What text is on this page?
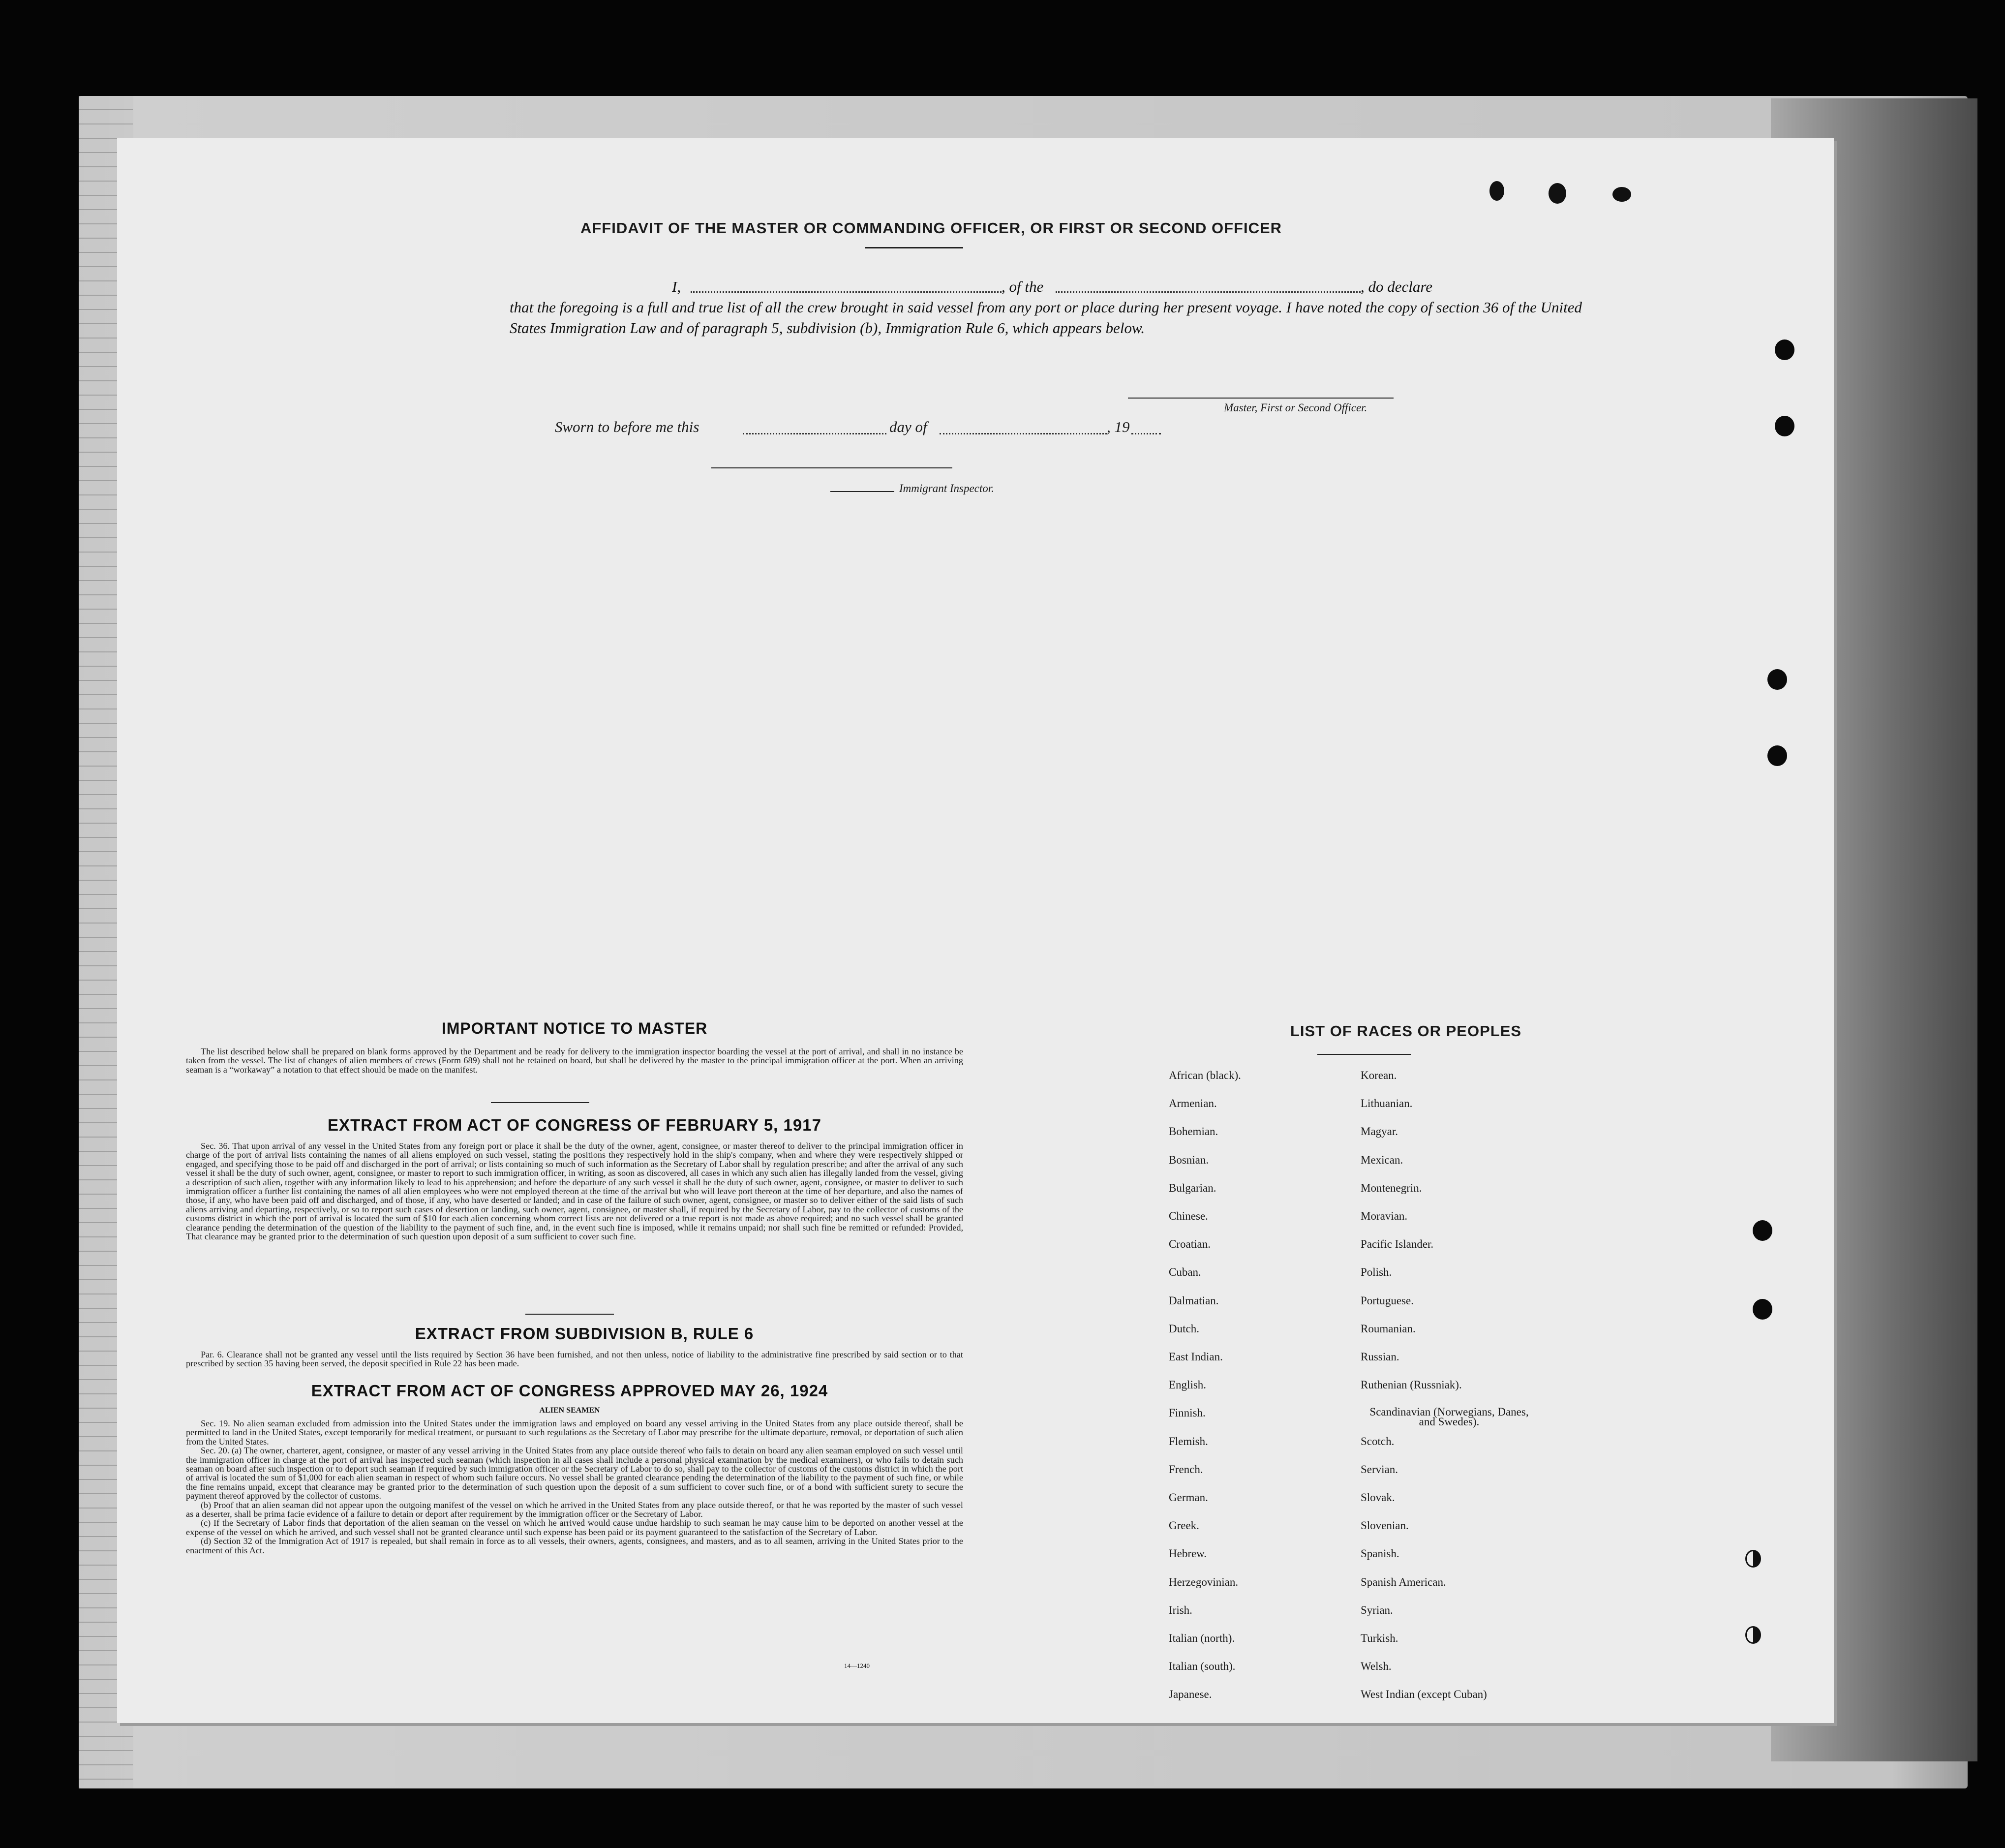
AFFIDAVIT OF THE MASTER OR COMMANDING OFFICER, OR FIRST OR SECOND OFFICER
I,	, of the	, do declare
that the foregoing is a full and true list of all the crew brought in said vessel from any port or place during her present voyage. I have noted the copy of section 36 of the United States Immigration Law and of paragraph 5, subdivision (b), Immigration Rule 6, which appears below.
Master, First or Second Officer.
Sworn to before me this	day of	, 19
Immigrant Inspector.
IMPORTANT NOTICE TO MASTER

The list described below shall be prepared on blank forms approved by the Department and be ready for delivery to the immigration inspector boarding the vessel at the port of arrival, and shall in no instance be taken from the vessel. The list of changes of alien members of crews (Form 689) shall not be retained on board, but shall be delivered by the master to the principal immigration officer at the port. When an arriving seaman is a “workaway” a notation to that effect should be made on the manifest.

EXTRACT FROM ACT OF CONGRESS OF FEBRUARY 5, 1917

Sec. 36. That upon arrival of any vessel in the United States from any foreign port or place it shall be the duty of the owner, agent, consignee, or master thereof to deliver to the principal immigration officer in charge of the port of arrival lists containing the names of all aliens employed on such vessel, stating the positions they respectively hold in the ship's company, when and where they were respectively shipped or engaged, and specifying those to be paid off and discharged in the port of arrival; or lists containing so much of such information as the Secretary of Labor shall by regulation prescribe; and after the arrival of any such vessel it shall be the duty of such owner, agent, consignee, or master to report to such immigration officer, in writing, as soon as discovered, all cases in which any such alien has illegally landed from the vessel, giving a description of such alien, together with any information likely to lead to his apprehension; and before the departure of any such vessel it shall be the duty of such owner, agent, consignee, or master to deliver to such immigration officer a further list containing the names of all alien employees who were not employed thereon at the time of the arrival but who will leave port thereon at the time of her departure, and also the names of those, if any, who have been paid off and discharged, and of those, if any, who have deserted or landed; and in case of the failure of such owner, agent, consignee, or master so to deliver either of the said lists of such aliens arriving and departing, respectively, or so to report such cases of desertion or landing, such owner, agent, consignee, or master shall, if required by the Secretary of Labor, pay to the collector of customs of the customs district in which the port of arrival is located the sum of $10 for each alien concerning whom correct lists are not delivered or a true report is not made as above required; and no such vessel shall be granted clearance pending the determination of the question of the liability to the payment of such fine, and, in the event such fine is imposed, while it remains unpaid; nor shall such fine be remitted or refunded: Provided, That clearance may be granted prior to the determination of such question upon deposit of a sum sufficient to cover such fine.

EXTRACT FROM SUBDIVISION B, RULE 6

Par. 6. Clearance shall not be granted any vessel until the lists required by Section 36 have been furnished, and not then unless, notice of liability to the administrative fine prescribed by said section or to that prescribed by section 35 having been served, the deposit specified in Rule 22 has been made.

EXTRACT FROM ACT OF CONGRESS APPROVED MAY 26, 1924
ALIEN SEAMEN

Sec. 19. No alien seaman excluded from admission into the United States under the immigration laws and employed on board any vessel arriving in the United States from any place outside thereof, shall be permitted to land in the United States, except temporarily for medical treatment, or pursuant to such regulations as the Secretary of Labor may prescribe for the ultimate departure, removal, or deportation of such alien from the United States.

Sec. 20. (a) The owner, charterer, agent, consignee, or master of any vessel arriving in the United States from any place outside thereof who fails to detain on board any alien seaman employed on such vessel until the immigration officer in charge at the port of arrival has inspected such seaman (which inspection in all cases shall include a personal physical examination by the medical examiners), or who fails to detain such seaman on board after such inspection or to deport such seaman if required by such immigration officer or the Secretary of Labor to do so, shall pay to the collector of customs of the customs district in which the port of arrival is located the sum of $1,000 for each alien seaman in respect of whom such failure occurs. No vessel shall be granted clearance pending the determination of the liability to the payment of such fine, or while the fine remains unpaid, except that clearance may be granted prior to the determination of such question upon the deposit of a sum sufficient to cover such fine, or of a bond with sufficient surety to secure the payment thereof approved by the collector of customs.

(b) Proof that an alien seaman did not appear upon the outgoing manifest of the vessel on which he arrived in the United States from any place outside thereof, or that he was reported by the master of such vessel as a deserter, shall be prima facie evidence of a failure to detain or deport after requirement by the immigration officer or the Secretary of Labor.

(c) If the Secretary of Labor finds that deportation of the alien seaman on the vessel on which he arrived would cause undue hardship to such seaman he may cause him to be deported on another vessel at the expense of the vessel on which he arrived, and such vessel shall not be granted clearance until such expense has been paid or its payment guaranteed to the satisfaction of the Secretary of Labor.

(d) Section 32 of the Immigration Act of 1917 is repealed, but shall remain in force as to all vessels, their owners, agents, consignees, and masters, and as to all seamen, arriving in the United States prior to the enactment of this Act.

14—1240
LIST OF RACES OR PEOPLES
African (black).
Armenian.
Bohemian.
Bosnian.
Bulgarian.
Chinese.
Croatian.
Cuban.
Dalmatian.
Dutch.
East Indian.
English.
Finnish.
Flemish.
French.
German.
Greek.
Hebrew.
Herzegovinian.
Irish.
Italian (north).
Italian (south).
Japanese.
Korean.
Lithuanian.
Magyar.
Mexican.
Montenegrin.
Moravian.
Pacific Islander.
Polish.
Portuguese.
Roumanian.
Russian.
Ruthenian (Russniak).
Scandinavian (Norwegians, Danes, and Swedes).
Scotch.
Servian.
Slovak.
Slovenian.
Spanish.
Spanish American.
Syrian.
Turkish.
Welsh.
West Indian (except Cuban)
